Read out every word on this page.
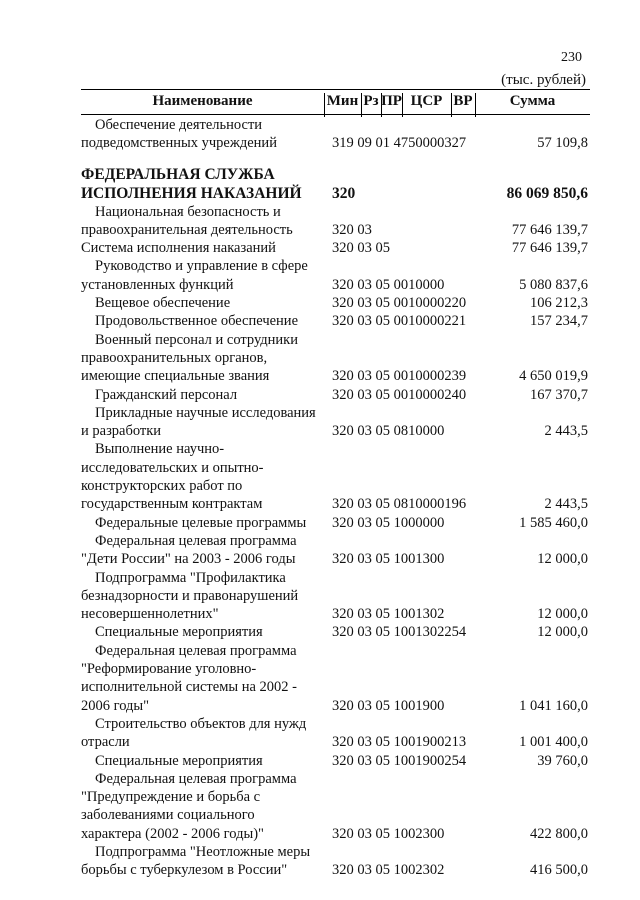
230
(тыс. рублей)
Наименование	Мин Рз ПР ЦСР ВР	Сумма
Обеспечение деятельности
подведомственных учреждений	319 09 01 4750000327	57 109,8
ФЕДЕРАЛЬНАЯ СЛУЖБА
ИСПОЛНЕНИЯ НАКАЗАНИЙ	320	86 069 850,6
Национальная безопасность и
правоохранительная деятельность	320 03	77 646 139,7
Система исполнения наказаний	320 03 05	77 646 139,7
Руководство и управление в сфере
установленных функций	320 03 05 0010000	5 080 837,6
Вещевое обеспечение	320 03 05 0010000220	106 212,3
Продовольственное обеспечение	320 03 05 0010000221	157 234,7
Военный персонал и сотрудники
правоохранительных органов,
имеющие специальные звания	320 03 05 0010000239	4 650 019,9
Гражданский персонал	320 03 05 0010000240	167 370,7
Прикладные научные исследования
и разработки	320 03 05 0810000	2 443,5
Выполнение научно-
исследовательских и опытно-
конструкторских работ по
государственным контрактам	320 03 05 0810000196	2 443,5
Федеральные целевые программы	320 03 05 1000000	1 585 460,0
Федеральная целевая программа
"Дети России" на 2003 - 2006 годы	320 03 05 1001300	12 000,0
Подпрограмма "Профилактика
безнадзорности и правонарушений
несовершеннолетних"	320 03 05 1001302	12 000,0
Специальные мероприятия	320 03 05 1001302254	12 000,0
Федеральная целевая программа
"Реформирование уголовно-
исполнительной системы на 2002 -
2006 годы"	320 03 05 1001900	1 041 160,0
Строительство объектов для нужд
отрасли	320 03 05 1001900213	1 001 400,0
Специальные мероприятия	320 03 05 1001900254	39 760,0
Федеральная целевая программа
"Предупреждение и борьба с
заболеваниями социального
характера (2002 - 2006 годы)"	320 03 05 1002300	422 800,0
Подпрограмма "Неотложные меры
борьбы с туберкулезом в России"	320 03 05 1002302	416 500,0
